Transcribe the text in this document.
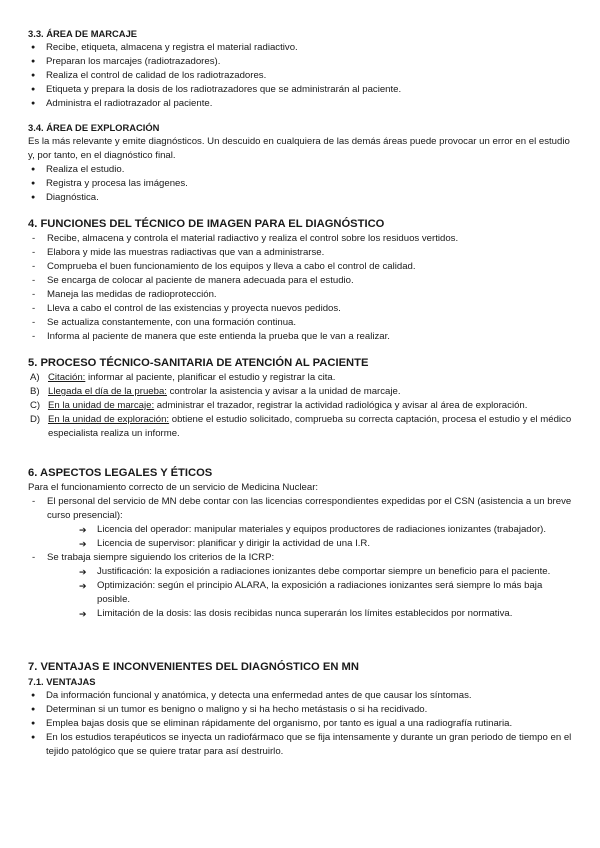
3.3. ÁREA DE MARCAJE
● Recibe, etiqueta, almacena y registra el material radiactivo.
● Preparan los marcajes (radiotrazadores).
● Realiza el control de calidad de los radiotrazadores.
● Etiqueta y prepara la dosis de los radiotrazadores que se administrarán al paciente.
● Administra el radiotrazador al paciente.
3.4. ÁREA DE EXPLORACIÓN

Es la más relevante y emite diagnósticos. Un descuido en cualquiera de las demás áreas puede provocar un error en el estudio y, por tanto, en el diagnóstico final.

● Realiza el estudio.
● Registra y procesa las imágenes.
● Diagnóstica.
4. FUNCIONES DEL TÉCNICO DE IMAGEN PARA EL DIAGNÓSTICO
- Recibe, almacena y controla el material radiactivo y realiza el control sobre los residuos vertidos.
- Elabora y mide las muestras radiactivas que van a administrarse.
- Comprueba el buen funcionamiento de los equipos y lleva a cabo el control de calidad.
- Se encarga de colocar al paciente de manera adecuada para el estudio.
- Maneja las medidas de radioprotección.
- Lleva a cabo el control de las existencias y proyecta nuevos pedidos.
- Se actualiza constantemente, con una formación continua.
- Informa al paciente de manera que este entienda la prueba que le van a realizar.
5. PROCESO TÉCNICO-SANITARIA DE ATENCIÓN AL PACIENTE
A) Citación: informar al paciente, planificar el estudio y registrar la cita.
B) Llegada el día de la prueba: controlar la asistencia y avisar a la unidad de marcaje.
C) En la unidad de marcaje: administrar el trazador, registrar la actividad radiológica y avisar al área de exploración.
D) En la unidad de exploración: obtiene el estudio solicitado, comprueba su correcta captación, procesa el estudio y el médico especialista realiza un informe.
6. ASPECTOS LEGALES Y ÉTICOS

Para el funcionamiento correcto de un servicio de Medicina Nuclear:

- El personal del servicio de MN debe contar con las licencias correspondientes expedidas por el CSN (asistencia a un breve curso presencial):
➔ Licencia del operador: manipular materiales y equipos productores de radiaciones ionizantes (trabajador).
➔ Licencia de supervisor: planificar y dirigir la actividad de una I.R.
- Se trabaja siempre siguiendo los criterios de la ICRP:
➔ Justificación: la exposición a radiaciones ionizantes debe comportar siempre un beneficio para el paciente.
➔ Optimización: según el principio ALARA, la exposición a radiaciones ionizantes será siempre lo más baja posible.
➔ Limitación de la dosis: las dosis recibidas nunca superarán los límites establecidos por normativa.
7. VENTAJAS E INCONVENIENTES DEL DIAGNÓSTICO EN MN
7.1. VENTAJAS
● Da información funcional y anatómica, y detecta una enfermedad antes de que causar los síntomas.
● Determinan si un tumor es benigno o maligno y si ha hecho metástasis o si ha recidivado.
● Emplea bajas dosis que se eliminan rápidamente del organismo, por tanto es igual a una radiografía rutinaria.
● En los estudios terapéuticos se inyecta un radiofármaco que se fija intensamente y durante un gran periodo de tiempo en el tejido patológico que se quiere tratar para así destruirlo.
